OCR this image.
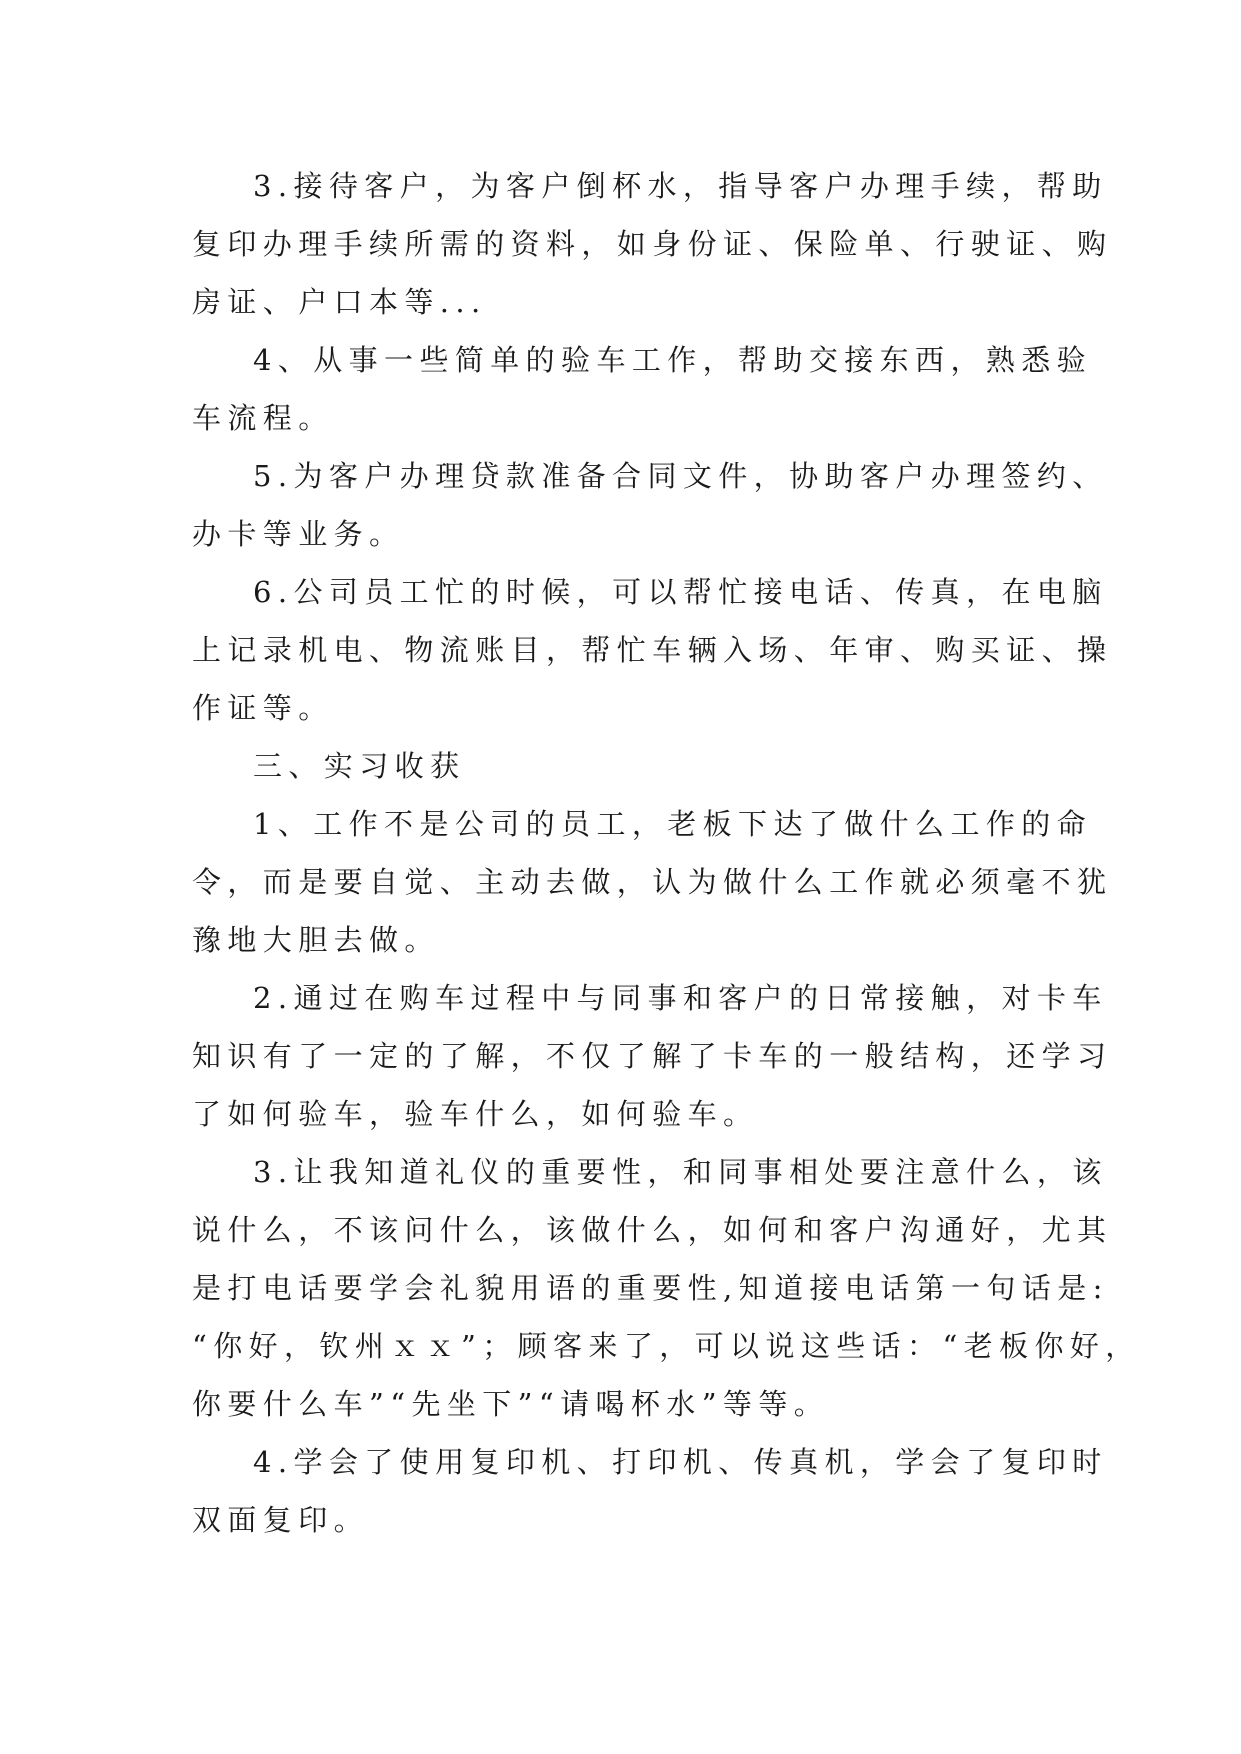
3.接待客户，为客户倒杯水，指导客户办理手续，帮助
复印办理手续所需的资料，如身份证、保险单、行驶证、购
房证、户口本等...
4、从事一些简单的验车工作，帮助交接东西，熟悉验
车流程。
5.为客户办理贷款准备合同文件，协助客户办理签约、
办卡等业务。
6.公司员工忙的时候，可以帮忙接电话、传真，在电脑
上记录机电、物流账目，帮忙车辆入场、年审、购买证、操
作证等。
三、实习收获
1、工作不是公司的员工，老板下达了做什么工作的命
令，而是要自觉、主动去做，认为做什么工作就必须毫不犹
豫地大胆去做。
2.通过在购车过程中与同事和客户的日常接触，对卡车
知识有了一定的了解，不仅了解了卡车的一般结构，还学习
了如何验车，验车什么，如何验车。
3.让我知道礼仪的重要性，和同事相处要注意什么，该
说什么，不该问什么，该做什么，如何和客户沟通好，尤其
是打电话要学会礼貌用语的重要性,知道接电话第一句话是:
“你好，钦州ｘｘ”；顾客来了，可以说这些话：“老板你好，
你要什么车”“先坐下”“请喝杯水”等等。
4.学会了使用复印机、打印机、传真机，学会了复印时
双面复印。
